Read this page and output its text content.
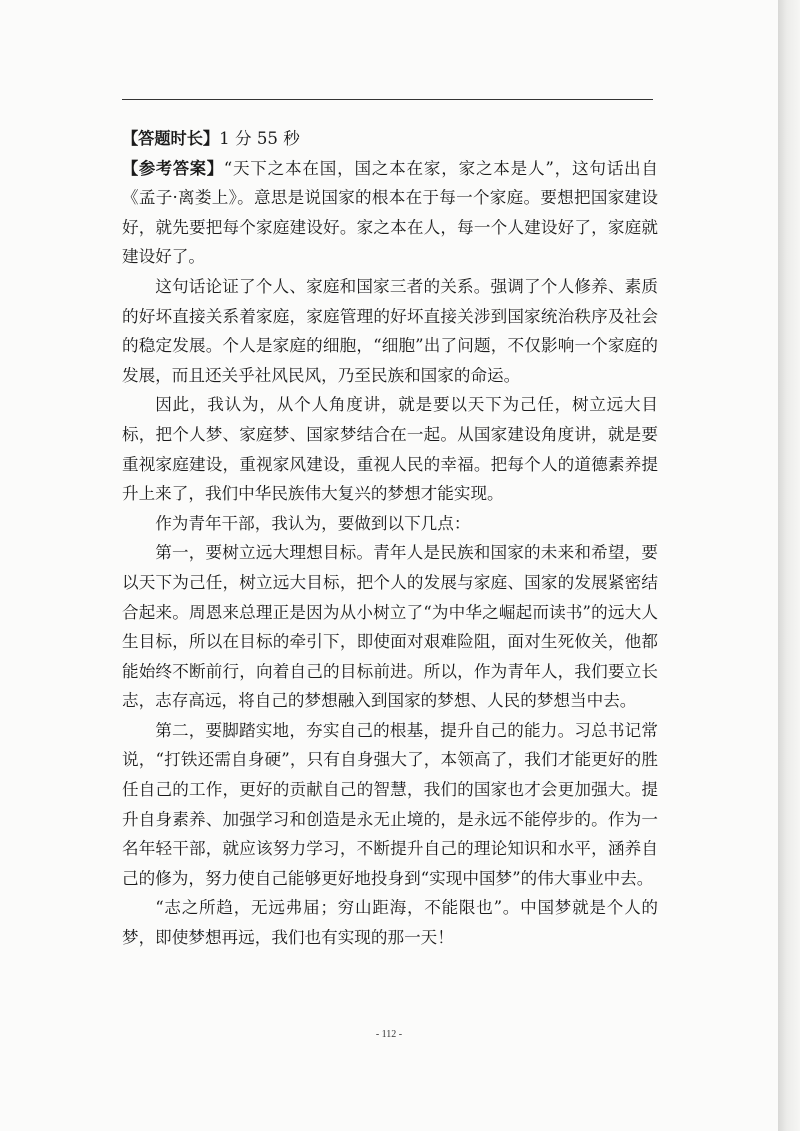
【答题时长】1 分 55 秒

【参考答案】“天下之本在国，国之本在家，家之本是人”，这句话出自《孟子·离娄上》。意思是说国家的根本在于每一个家庭。要想把国家建设好，就先要把每个家庭建设好。家之本在人，每一个人建设好了，家庭就建设好了。

这句话论证了个人、家庭和国家三者的关系。强调了个人修养、素质的好坏直接关系着家庭，家庭管理的好坏直接关涉到国家统治秩序及社会的稳定发展。个人是家庭的细胞，“细胞”出了问题，不仅影响一个家庭的发展，而且还关乎社风民风，乃至民族和国家的命运。

因此，我认为，从个人角度讲，就是要以天下为己任，树立远大目标，把个人梦、家庭梦、国家梦结合在一起。从国家建设角度讲，就是要重视家庭建设，重视家风建设，重视人民的幸福。把每个人的道德素养提升上来了，我们中华民族伟大复兴的梦想才能实现。

作为青年干部，我认为，要做到以下几点：

第一，要树立远大理想目标。青年人是民族和国家的未来和希望，要以天下为己任，树立远大目标，把个人的发展与家庭、国家的发展紧密结合起来。周恩来总理正是因为从小树立了“为中华之崛起而读书”的远大人生目标，所以在目标的牵引下，即使面对艰难险阻，面对生死攸关，他都能始终不断前行，向着自己的目标前进。所以，作为青年人，我们要立长志，志存高远，将自己的梦想融入到国家的梦想、人民的梦想当中去。

第二，要脚踏实地，夯实自己的根基，提升自己的能力。习总书记常说，“打铁还需自身硬”，只有自身强大了，本领高了，我们才能更好的胜任自己的工作，更好的贡献自己的智慧，我们的国家也才会更加强大。提升自身素养、加强学习和创造是永无止境的，是永远不能停步的。作为一名年轻干部，就应该努力学习，不断提升自己的理论知识和水平，涵养自己的修为，努力使自己能够更好地投身到“实现中国梦”的伟大事业中去。

“志之所趋，无远弗届；穷山距海，不能限也”。中国梦就是个人的梦，即使梦想再远，我们也有实现的那一天！

- 112 -
